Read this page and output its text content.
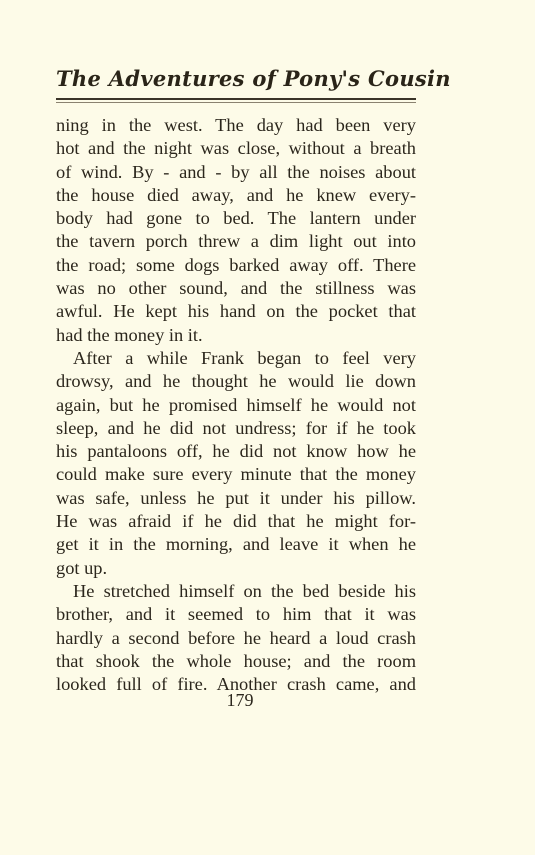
The Adventures of Pony's Cousin
ning in the west. The day had been very
hot and the night was close, without a breath
of wind. By - and - by all the noises about
the house died away, and he knew every-
body had gone to bed. The lantern under
the tavern porch threw a dim light out into
the road; some dogs barked away off. There
was no other sound, and the stillness was
awful. He kept his hand on the pocket that
had the money in it.
After a while Frank began to feel very
drowsy, and he thought he would lie down
again, but he promised himself he would not
sleep, and he did not undress; for if he took
his pantaloons off, he did not know how he
could make sure every minute that the money
was safe, unless he put it under his pillow.
He was afraid if he did that he might for-
get it in the morning, and leave it when he
got up.
He stretched himself on the bed beside his
brother, and it seemed to him that it was
hardly a second before he heard a loud crash
that shook the whole house; and the room
looked full of fire. Another crash came, and
179
